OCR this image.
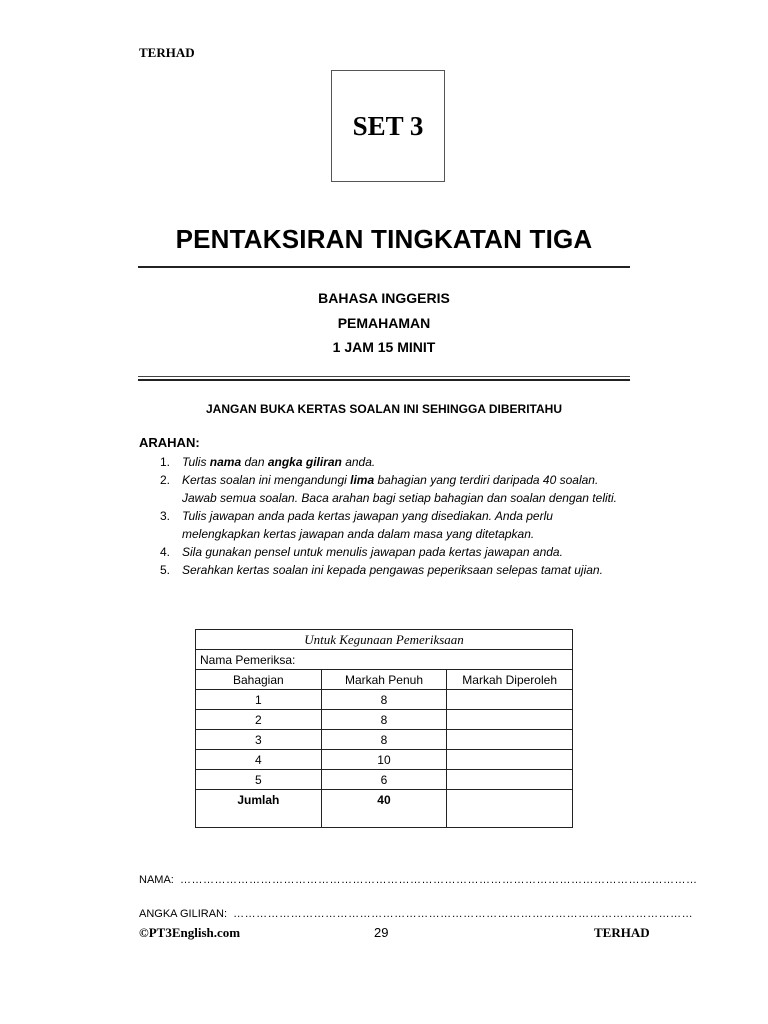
TERHAD
SET 3
PENTAKSIRAN TINGKATAN TIGA
BAHASA INGGERIS
PEMAHAMAN
1 JAM 15 MINIT
JANGAN BUKA KERTAS SOALAN INI SEHINGGA DIBERITAHU
ARAHAN:
1. Tulis nama dan angka giliran anda.
2. Kertas soalan ini mengandungi lima bahagian yang terdiri daripada 40 soalan. Jawab semua soalan. Baca arahan bagi setiap bahagian dan soalan dengan teliti.
3. Tulis jawapan anda pada kertas jawapan yang disediakan. Anda perlu melengkapkan kertas jawapan anda dalam masa yang ditetapkan.
4. Sila gunakan pensel untuk menulis jawapan pada kertas jawapan anda.
5. Serahkan kertas soalan ini kepada pengawas peperiksaan selepas tamat ujian.
Untuk Kegunaan Pemeriksaan		
Nama Pemeriksa:		
Bahagian	Markah Penuh	Markah Diperoleh
1	8	
2	8	
3	8	
4	10	
5	6	
Jumlah	40	
NAMA: ………………………………………………………………………………………………………………………
ANGKA GILIRAN: …………………………………………………………………………………………………………
©PT3English.com	29	TERHAD
